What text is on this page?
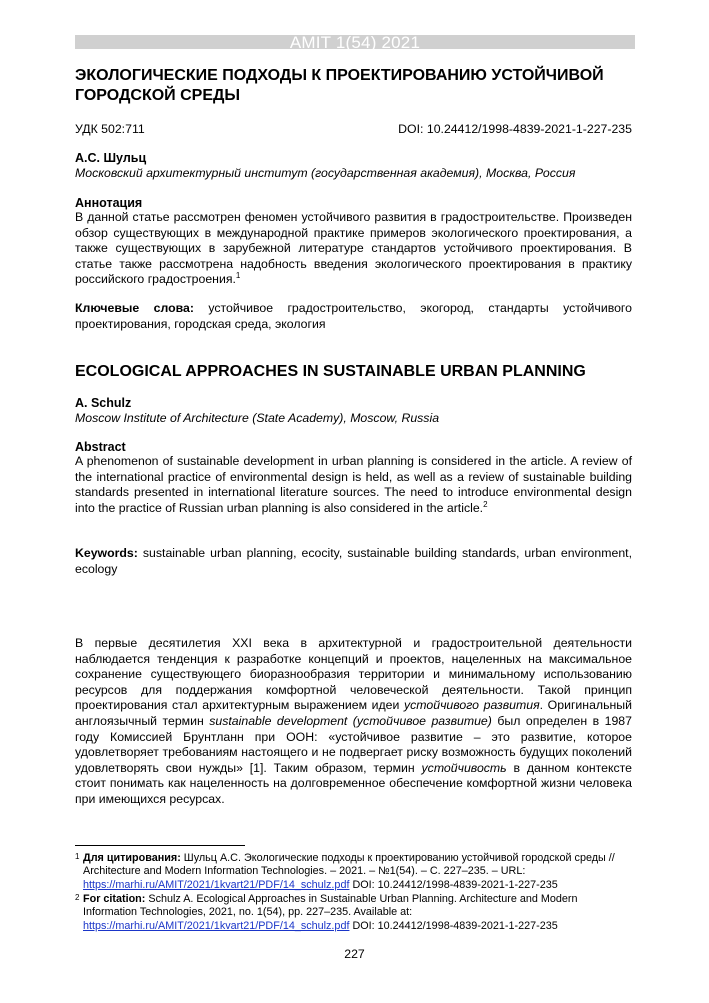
AMIT 1(54) 2021
ЭКОЛОГИЧЕСКИЕ ПОДХОДЫ К ПРОЕКТИРОВАНИЮ УСТОЙЧИВОЙ ГОРОДСКОЙ СРЕДЫ
УДК 502:711	DOI: 10.24412/1998-4839-2021-1-227-235
А.С. Шульц
Московский архитектурный институт (государственная академия), Москва, Россия
Аннотация
В данной статье рассмотрен феномен устойчивого развития в градостроительстве. Произведен обзор существующих в международной практике примеров экологического проектирования, а также существующих в зарубежной литературе стандартов устойчивого проектирования. В статье также рассмотрена надобность введения экологического проектирования в практику российского градостроения.$^1$
Ключевые слова: устойчивое градостроительство, экогород, стандарты устойчивого проектирования, городская среда, экология
ECOLOGICAL APPROACHES IN SUSTAINABLE URBAN PLANNING
A. Schulz
Moscow Institute of Architecture (State Academy), Moscow, Russia
Abstract
A phenomenon of sustainable development in urban planning is considered in the article. A review of the international practice of environmental design is held, as well as a review of sustainable building standards presented in international literature sources. The need to introduce environmental design into the practice of Russian urban planning is also considered in the article.$^2$
Keywords: sustainable urban planning, ecocity, sustainable building standards, urban environment, ecology
В первые десятилетия XXI века в архитектурной и градостроительной деятельности наблюдается тенденция к разработке концепций и проектов, нацеленных на максимальное сохранение существующего биоразнообразия территории и минимальному использованию ресурсов для поддержания комфортной человеческой деятельности. Такой принцип проектирования стал архитектурным выражением идеи устойчивого развития. Оригинальный англоязычный термин sustainable development (устойчивое развитие) был определен в 1987 году Комиссией Брунтланн при ООН: «устойчивое развитие – это развитие, которое удовлетворяет требованиям настоящего и не подвергает риску возможность будущих поколений удовлетворять свои нужды» [1]. Таким образом, термин устойчивость в данном контексте стоит понимать как нацеленность на долговременное обеспечение комфортной жизни человека при имеющихся ресурсах.
1 Для цитирования: Шульц А.С. Экологические подходы к проектированию устойчивой городской среды // Architecture and Modern Information Technologies. – 2021. – №1(54). – С. 227–235. – URL: https://marhi.ru/AMIT/2021/1kvart21/PDF/14_schulz.pdf DOI: 10.24412/1998-4839-2021-1-227-235
2 For citation: Schulz A. Ecological Approaches in Sustainable Urban Planning. Architecture and Modern Information Technologies, 2021, no. 1(54), pp. 227–235. Available at: https://marhi.ru/AMIT/2021/1kvart21/PDF/14_schulz.pdf DOI: 10.24412/1998-4839-2021-1-227-235
227
